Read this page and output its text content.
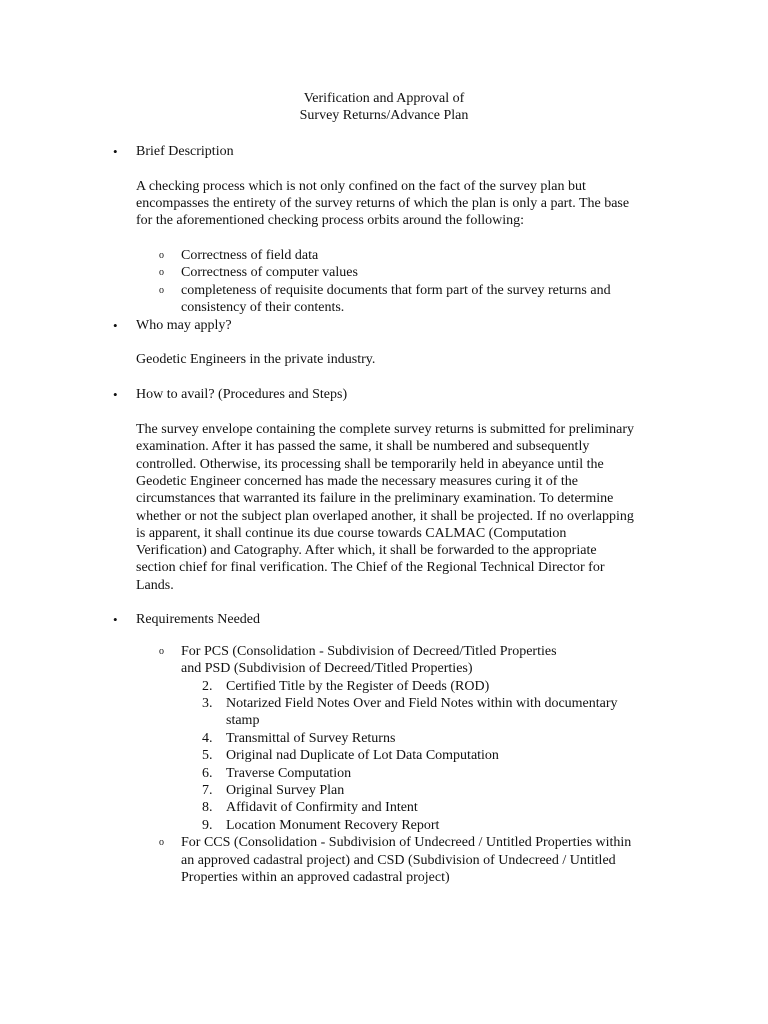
Verification and Approval of
Survey Returns/Advance Plan
• Brief Description
A checking process which is not only confined on the fact of the survey plan but
encompasses the entirety of the survey returns of which the plan is only a part. The base
for the aforementioned checking process orbits around the following:
o Correctness of field data
o Correctness of computer values
o completeness of requisite documents that form part of the survey returns and
consistency of their contents.
• Who may apply?
Geodetic Engineers in the private industry.
• How to avail? (Procedures and Steps)
The survey envelope containing the complete survey returns is submitted for preliminary
examination. After it has passed the same, it shall be numbered and subsequently
controlled. Otherwise, its processing shall be temporarily held in abeyance until the
Geodetic Engineer concerned has made the necessary measures curing it of the
circumstances that warranted its failure in the preliminary examination. To determine
whether or not the subject plan overlaped another, it shall be projected. If no overlapping
is apparent, it shall continue its due course towards CALMAC (Computation
Verification) and Catography. After which, it shall be forwarded to the appropriate
section chief for final verification. The Chief of the Regional Technical Director for
Lands.
• Requirements Needed
o For PCS (Consolidation - Subdivision of Decreed/Titled Properties
and PSD (Subdivision of Decreed/Titled Properties)
2. Certified Title by the Register of Deeds (ROD)
3. Notarized Field Notes Over and Field Notes within with documentary
stamp
4. Transmittal of Survey Returns
5. Original nad Duplicate of Lot Data Computation
6. Traverse Computation
7. Original Survey Plan
8. Affidavit of Confirmity and Intent
9. Location Monument Recovery Report
o For CCS (Consolidation - Subdivision of Undecreed / Untitled Properties within
an approved cadastral project) and CSD (Subdivision of Undecreed / Untitled
Properties within an approved cadastral project)
